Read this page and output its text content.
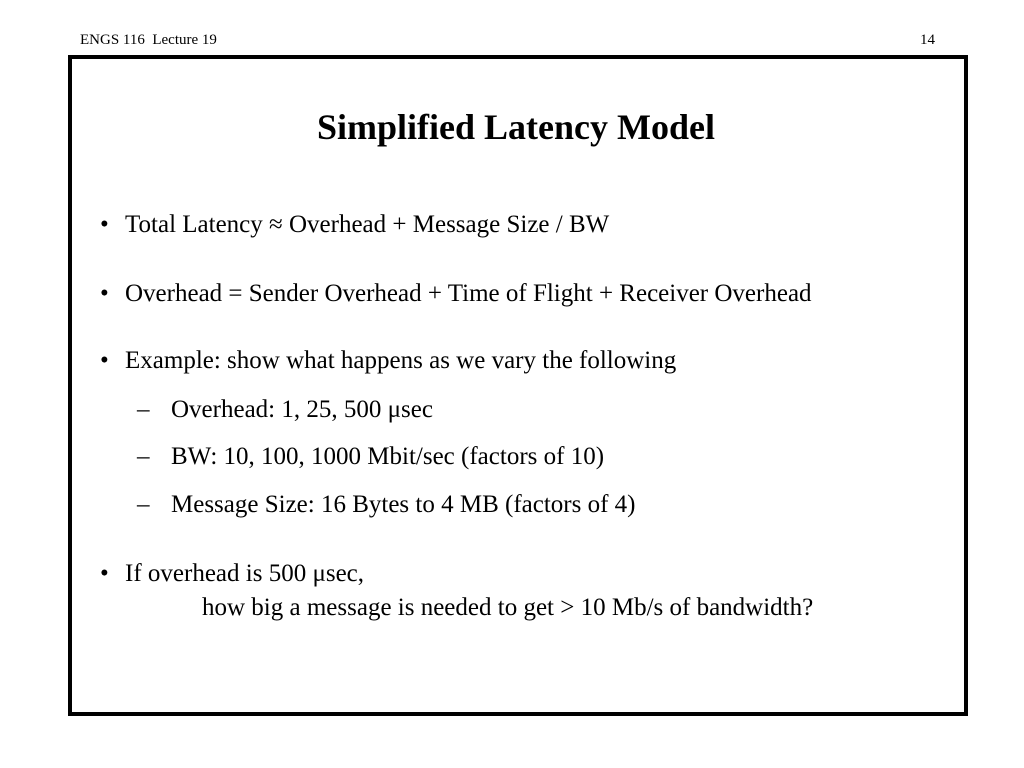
ENGS 116  Lecture 19	14
Simplified Latency Model
• Total Latency ≈ Overhead + Message Size / BW
• Overhead = Sender Overhead + Time of Flight + Receiver Overhead
• Example: show what happens as we vary the following
– Overhead: 1, 25, 500 μsec
– BW: 10, 100, 1000 Mbit/sec (factors of 10)
– Message Size: 16 Bytes to 4 MB (factors of 4)
• If overhead is 500 μsec,
how big a message is needed to get > 10 Mb/s of bandwidth?
